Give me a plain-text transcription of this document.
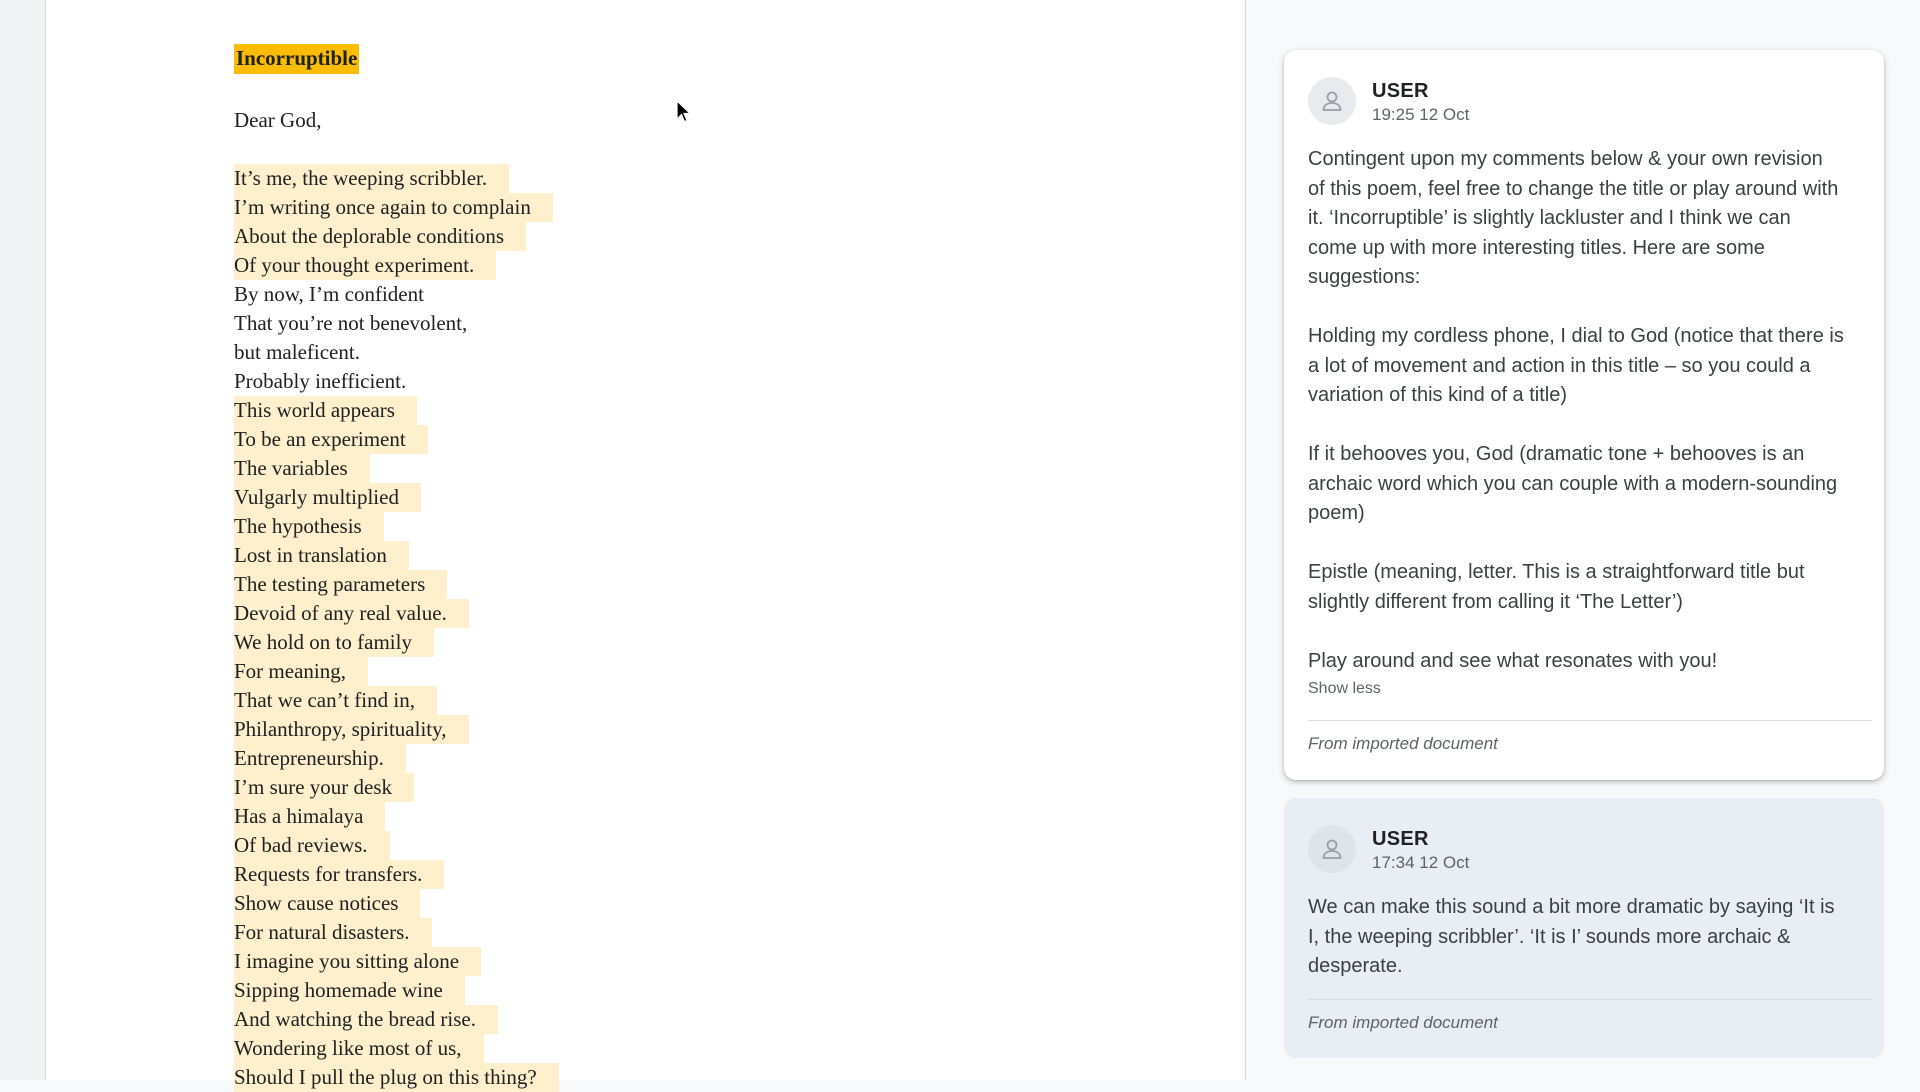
Incorruptible
Dear God,
It’s me, the weeping scribbler.
I’m writing once again to complain
About the deplorable conditions
Of your thought experiment.
By now, I’m confident
That you’re not benevolent,
but maleficent.
Probably inefficient.
This world appears
To be an experiment
The variables
Vulgarly multiplied
The hypothesis
Lost in translation
The testing parameters
Devoid of any real value.
We hold on to family
For meaning,
That we can’t find in,
Philanthropy, spirituality,
Entrepreneurship.
I’m sure your desk
Has a himalaya
Of bad reviews.
Requests for transfers.
Show cause notices
For natural disasters.
I imagine you sitting alone
Sipping homemade wine
And watching the bread rise.
Wondering like most of us,
Should I pull the plug on this thing?
USER
19:25 12 Oct

Contingent upon my comments below & your own revision of this poem, feel free to change the title or play around with it. ‘Incorruptible’ is slightly lackluster and I think we can come up with more interesting titles. Here are some suggestions:

Holding my cordless phone, I dial to God (notice that there is a lot of movement and action in this title – so you could a variation of this kind of a title)

If it behooves you, God (dramatic tone + behooves is an archaic word which you can couple with a modern-sounding poem)

Epistle (meaning, letter. This is a straightforward title but slightly different from calling it ‘The Letter’)

Play around and see what resonates with you!

Show less
From imported document
USER
17:34 12 Oct

We can make this sound a bit more dramatic by saying ‘It is I, the weeping scribbler’. ‘It is I’ sounds more archaic & desperate.

From imported document
